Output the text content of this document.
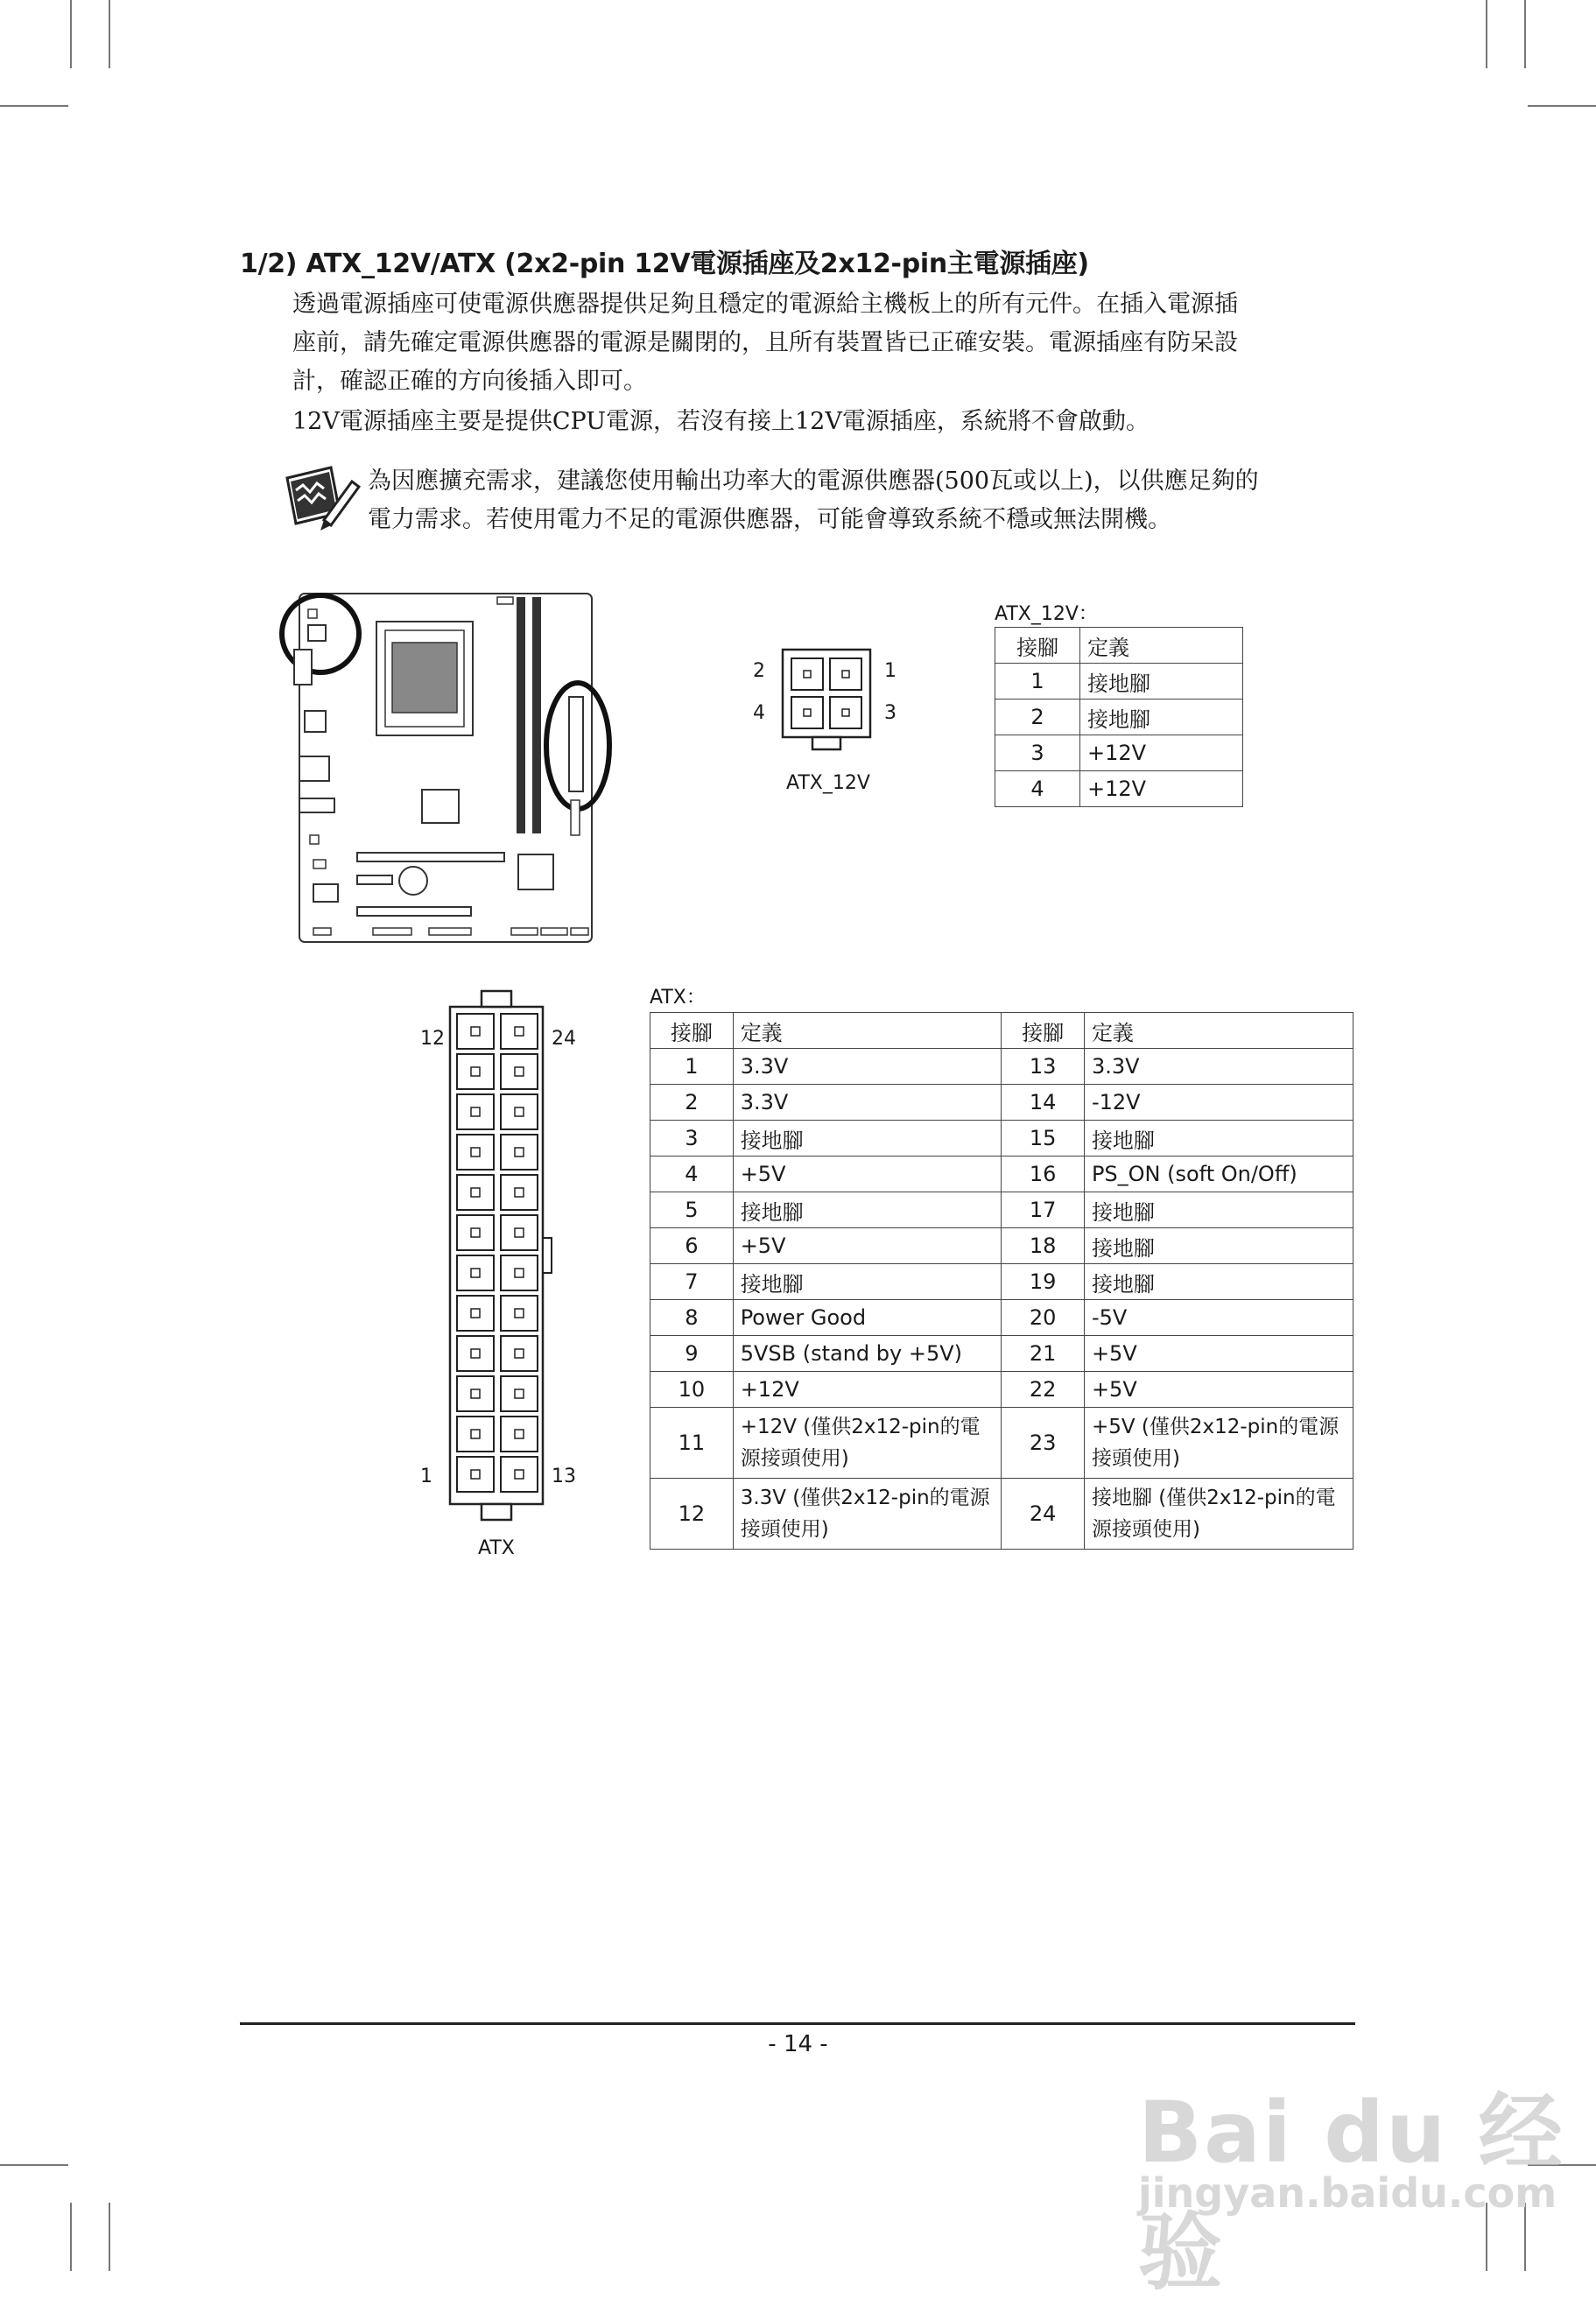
1/2) ATX_12V/ATX (2x2-pin 12V電源插座及2x12-pin主電源插座)
透過電源插座可使電源供應器提供足夠且穩定的電源給主機板上的所有元件。在插入電源插
座前，請先確定電源供應器的電源是關閉的，且所有裝置皆已正確安裝。電源插座有防呆設
計，確認正確的方向後插入即可。
12V電源插座主要是提供CPU電源，若沒有接上12V電源插座，系統將不會啟動。
為因應擴充需求，建議您使用輸出功率大的電源供應器(500瓦或以上)，以供應足夠的
電力需求。若使用電力不足的電源供應器，可能會導致系統不穩或無法開機。
2	1
4	3
ATX_12V
ATX_12V：
接腳	定義
1	接地腳
2	接地腳
3	+12V
4	+12V
12	24
1	13
ATX
ATX：
接腳	定義	接腳	定義
1	3.3V	13	3.3V
2	3.3V	14	-12V
3	接地腳	15	接地腳
4	+5V	16	PS_ON (soft On/Off)
5	接地腳	17	接地腳
6	+5V	18	接地腳
7	接地腳	19	接地腳
8	Power Good	20	-5V
9	5VSB (stand by +5V)	21	+5V
10	+12V	22	+5V
11	+12V (僅供2x12-pin的電源接頭使用)	23	+5V (僅供2x12-pin的電源接頭使用)
12	3.3V (僅供2x12-pin的電源接頭使用)	24	接地腳 (僅供2x12-pin的電源接頭使用)
- 14 -
Bai du 经验
jingyan.baidu.com
